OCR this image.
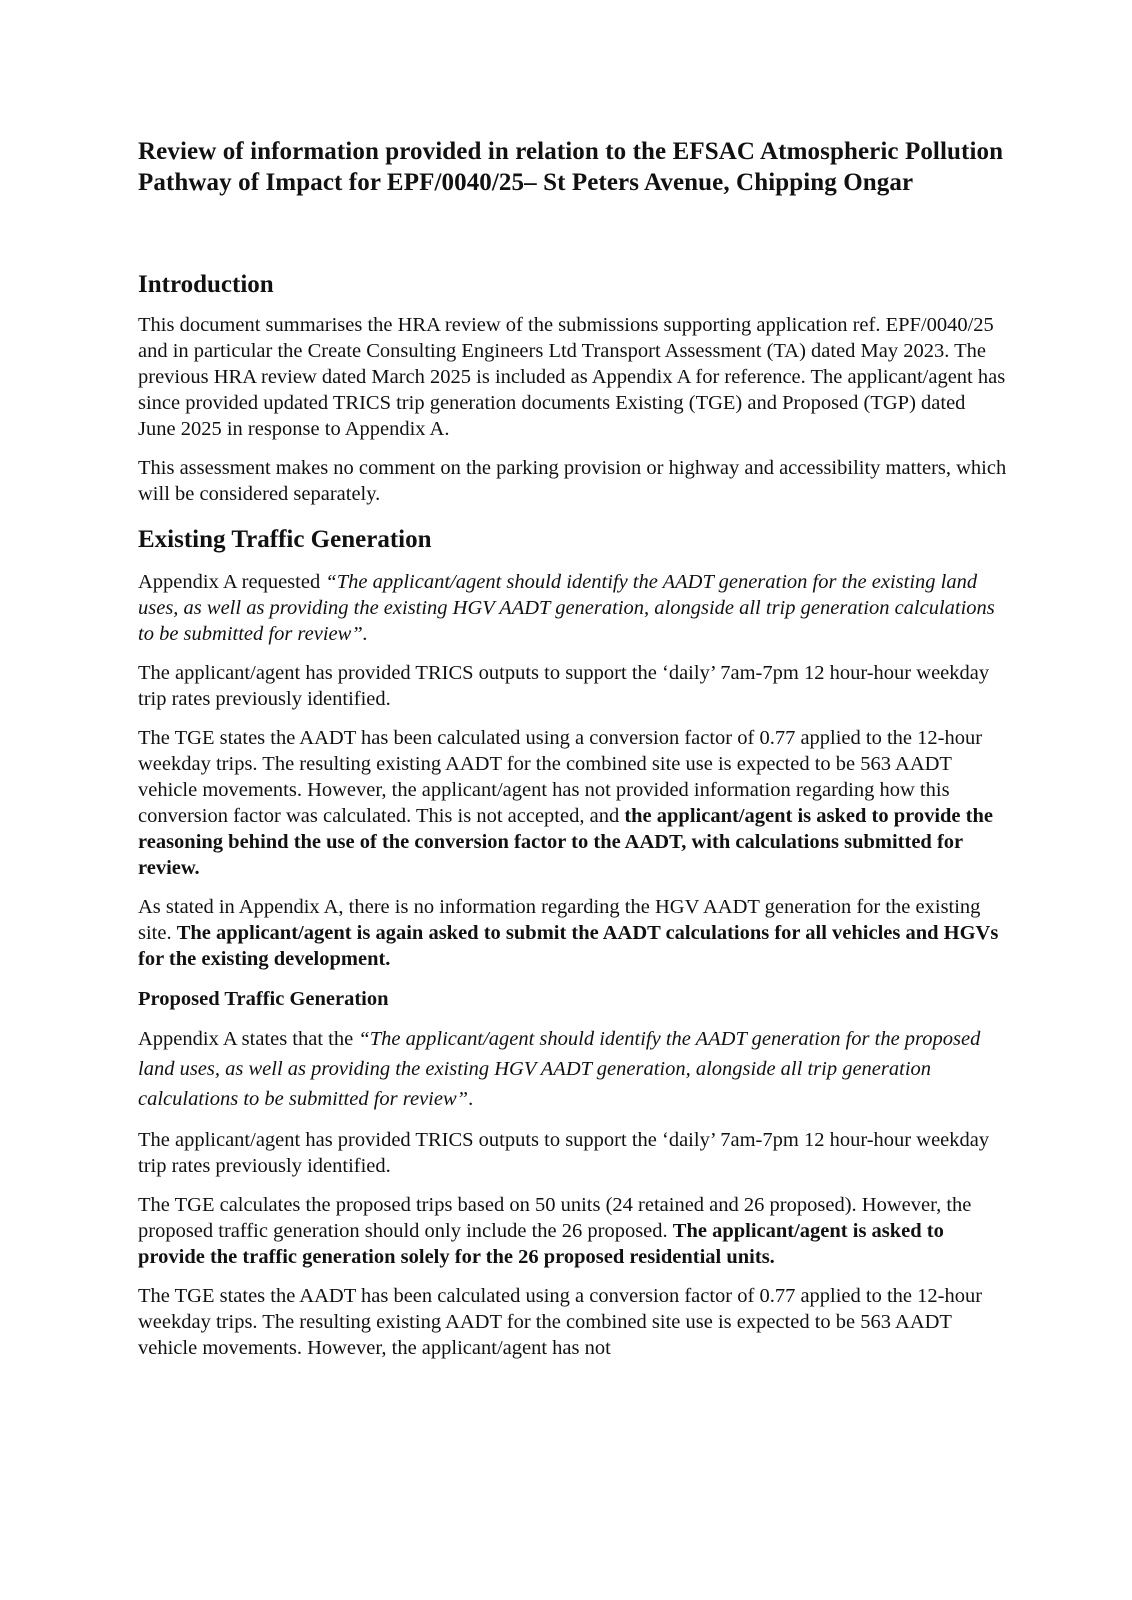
Review of information provided in relation to the EFSAC Atmospheric Pollution Pathway of Impact for EPF/0040/25– St Peters Avenue, Chipping Ongar
Introduction

This document summarises the HRA review of the submissions supporting application ref. EPF/0040/25 and in particular the Create Consulting Engineers Ltd Transport Assessment (TA) dated May 2023. The previous HRA review dated March 2025 is included as Appendix A for reference. The applicant/agent has since provided updated TRICS trip generation documents Existing (TGE) and Proposed (TGP) dated June 2025 in response to Appendix A.

This assessment makes no comment on the parking provision or highway and accessibility matters, which will be considered separately.

Existing Traffic Generation

Appendix A requested “The applicant/agent should identify the AADT generation for the existing land uses, as well as providing the existing HGV AADT generation, alongside all trip generation calculations to be submitted for review”.

The applicant/agent has provided TRICS outputs to support the ‘daily’ 7am-7pm 12 hour-hour weekday trip rates previously identified.

The TGE states the AADT has been calculated using a conversion factor of 0.77 applied to the 12-hour weekday trips. The resulting existing AADT for the combined site use is expected to be 563 AADT vehicle movements. However, the applicant/agent has not provided information regarding how this conversion factor was calculated. This is not accepted, and the applicant/agent is asked to provide the reasoning behind the use of the conversion factor to the AADT, with calculations submitted for review.

As stated in Appendix A, there is no information regarding the HGV AADT generation for the existing site. The applicant/agent is again asked to submit the AADT calculations for all vehicles and HGVs for the existing development.

Proposed Traffic Generation

Appendix A states that the “The applicant/agent should identify the AADT generation for the proposed land uses, as well as providing the existing HGV AADT generation, alongside all trip generation calculations to be submitted for review”.

The applicant/agent has provided TRICS outputs to support the ‘daily’ 7am-7pm 12 hour-hour weekday trip rates previously identified.

The TGE calculates the proposed trips based on 50 units (24 retained and 26 proposed). However, the proposed traffic generation should only include the 26 proposed. The applicant/agent is asked to provide the traffic generation solely for the 26 proposed residential units.

The TGE states the AADT has been calculated using a conversion factor of 0.77 applied to the 12-hour weekday trips. The resulting existing AADT for the combined site use is expected to be 563 AADT vehicle movements. However, the applicant/agent has not
